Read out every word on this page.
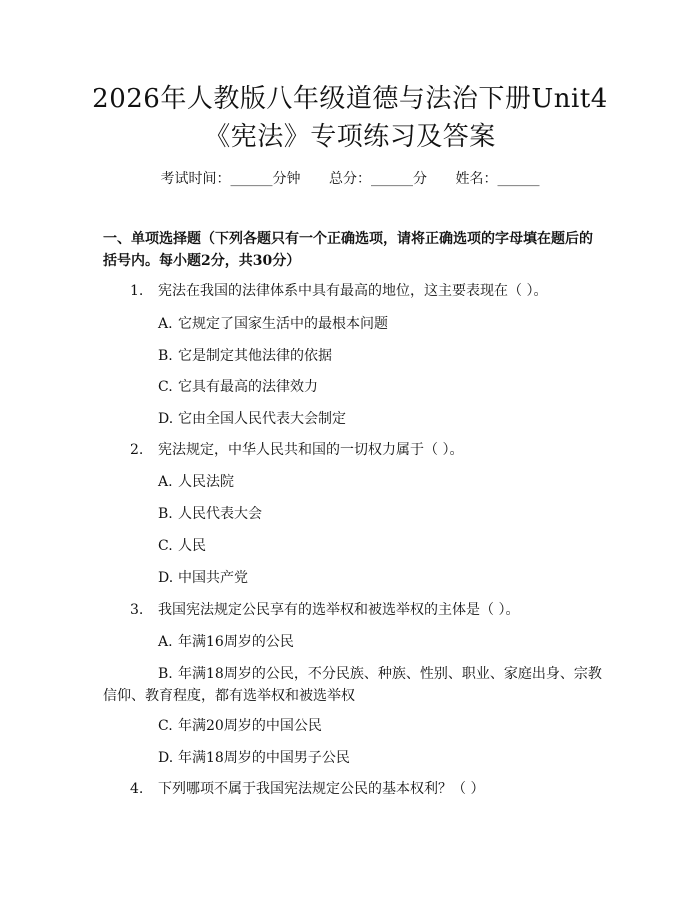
2026年人教版八年级道德与法治下册Unit4
《宪法》专项练习及答案
考试时间：______分钟 总分：______分 姓名：______
一、单项选择题（下列各题只有一个正确选项，请将正确选项的字母填在题后的
括号内。每小题2分，共30分）
1. 宪法在我国的法律体系中具有最高的地位，这主要表现在（ ）。
A. 它规定了国家生活中的最根本问题
B. 它是制定其他法律的依据
C. 它具有最高的法律效力
D. 它由全国人民代表大会制定
2. 宪法规定，中华人民共和国的一切权力属于（ ）。
A. 人民法院
B. 人民代表大会
C. 人民
D. 中国共产党
3. 我国宪法规定公民享有的选举权和被选举权的主体是（ ）。
A. 年满16周岁的公民
B. 年满18周岁的公民，不分民族、种族、性别、职业、家庭出身、宗教
信仰、教育程度，都有选举权和被选举权
C. 年满20周岁的中国公民
D. 年满18周岁的中国男子公民
4. 下列哪项不属于我国宪法规定公民的基本权利？（ ）
